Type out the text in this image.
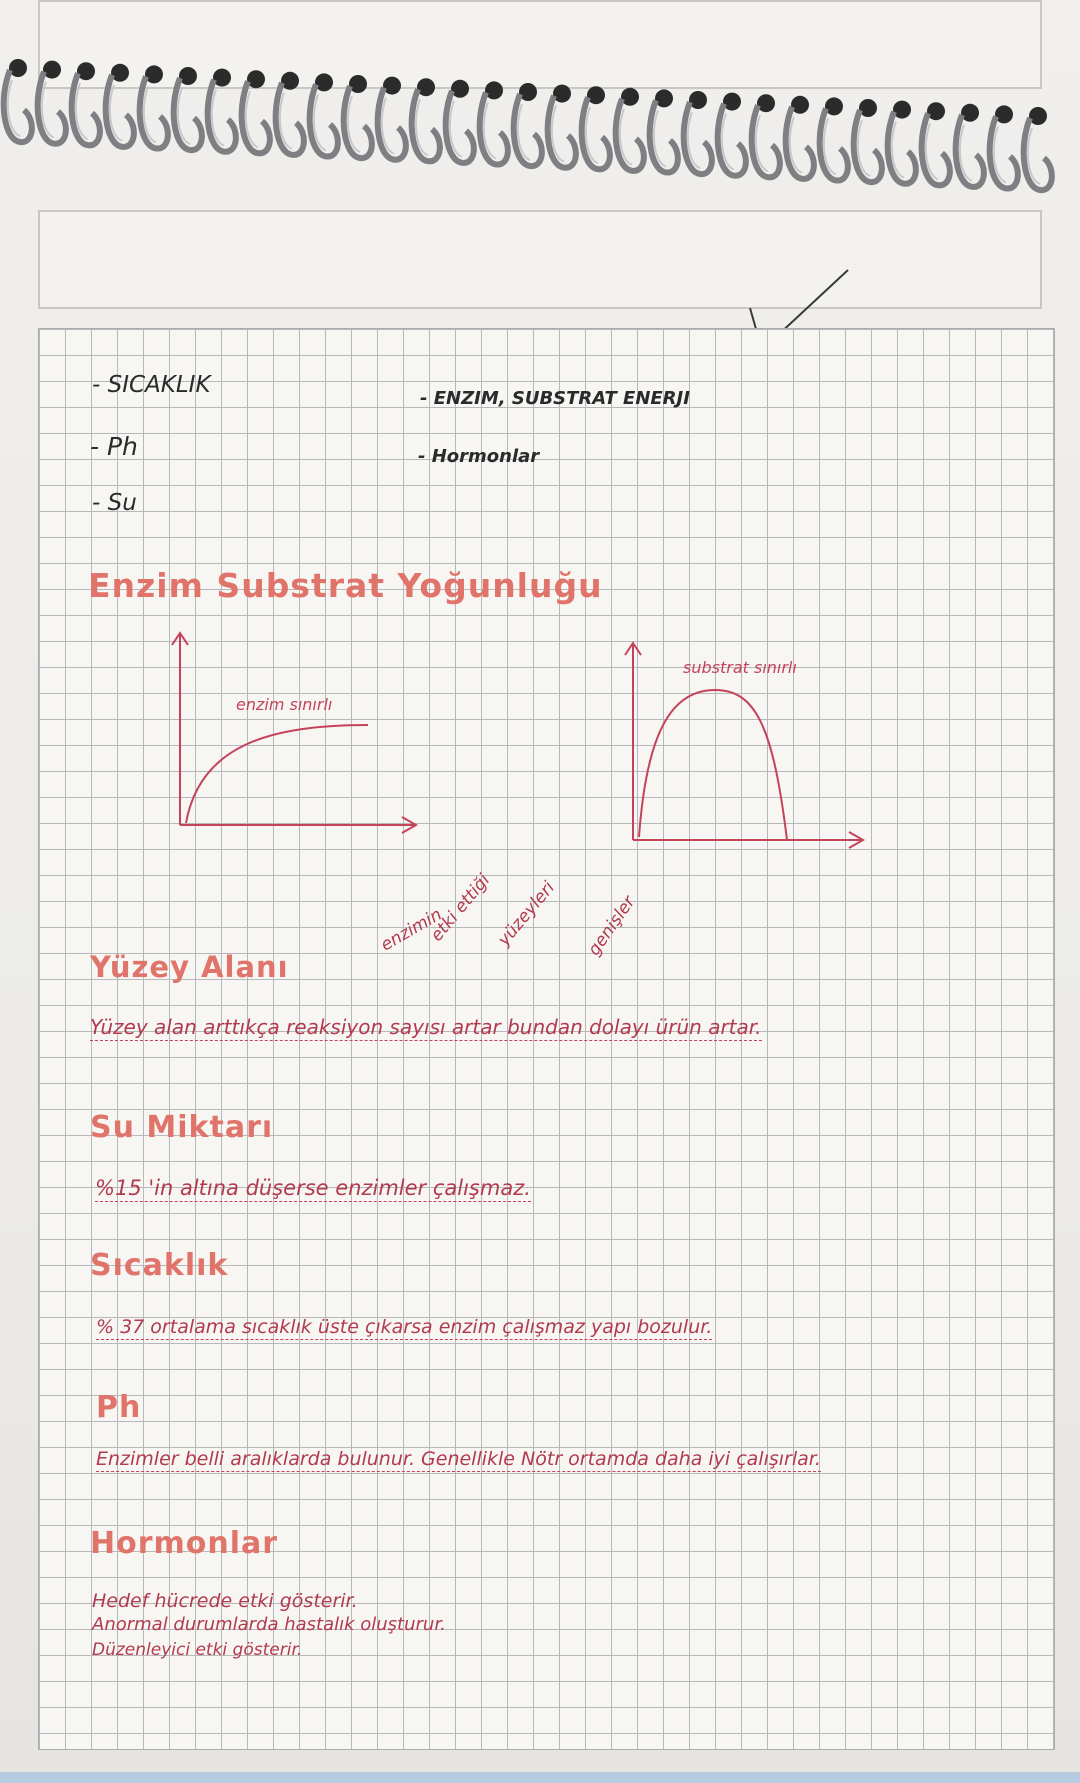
- SICAKLIK
- Ph
- Su
- ENZIM, SUBSTRAT ENERJI
- Hormonlar
Enzim Substrat Yoğunluğu
enzim sınırlı
substrat sınırlı
Yüzey Alanı
Yüzey alan arttıkça reaksiyon sayısı artar bundan dolayı ürün artar.
enzimin
etki ettiği yüzeyleri genişler
Su Miktarı
%15 'in altına düşerse enzimler çalışmaz.
Sıcaklık
% 37 ortalama sıcaklık üste çıkarsa enzim çalışmaz yapı bozulur.
Ph
Enzimler belli aralıklarda bulunur. Genellikle Nötr ortamda daha iyi çalışırlar.
Hormonlar
Hedef hücrede etki gösterir.
Anormal durumlarda hastalık oluşturur.
Düzenleyici etki gösterir.
